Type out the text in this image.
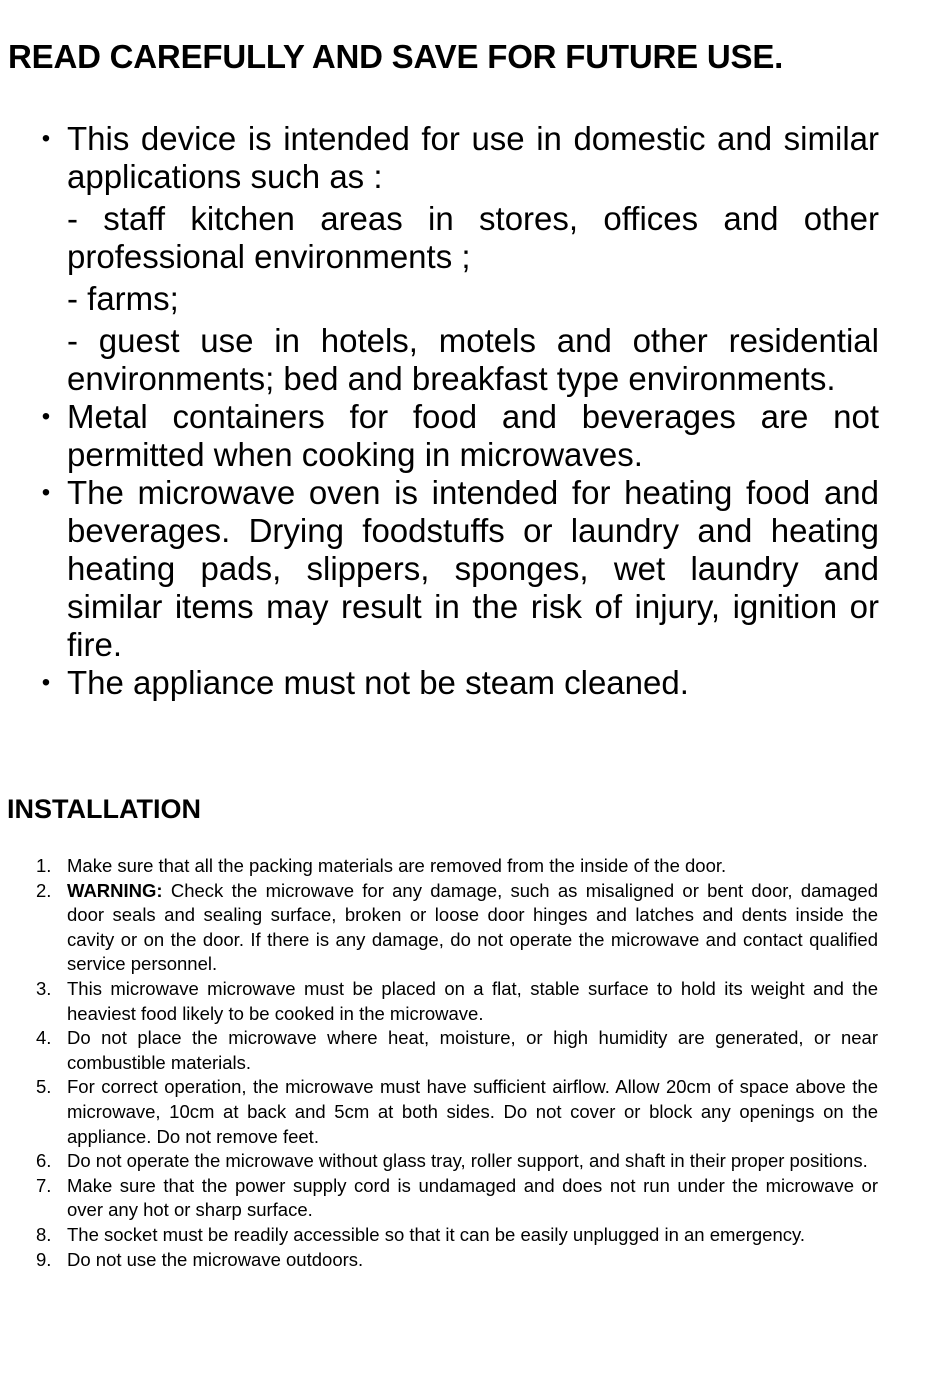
READ CAREFULLY AND SAVE FOR FUTURE USE.
• This device is intended for use in domestic and similar applications such as :

- staff kitchen areas in stores, offices and other professional environments ;

- farms;

- guest use in hotels, motels and other residential environments; bed and breakfast type environments.

• Metal containers for food and beverages are not permitted when cooking in microwaves.

• The microwave oven is intended for heating food and beverages. Drying foodstuffs or laundry and heating heating pads, slippers, sponges, wet laundry and similar items may result in the risk of injury, ignition or fire.

• The appliance must not be steam cleaned.

INSTALLATION
1. Make sure that all the packing materials are removed from the inside of the door.
2. WARNING: Check the microwave for any damage, such as misaligned or bent door, damaged door seals and sealing surface, broken or loose door hinges and latches and dents inside the cavity or on the door. If there is any damage, do not operate the microwave and contact qualified service personnel.
3. This microwave microwave must be placed on a flat, stable surface to hold its weight and the heaviest food likely to be cooked in the microwave.
4. Do not place the microwave where heat, moisture, or high humidity are generated, or near combustible materials.
5. For correct operation, the microwave must have sufficient airflow. Allow 20cm of space above the microwave, 10cm at back and 5cm at both sides. Do not cover or block any openings on the appliance. Do not remove feet.
6. Do not operate the microwave without glass tray, roller support, and shaft in their proper positions.
7. Make sure that the power supply cord is undamaged and does not run under the microwave or over any hot or sharp surface.
8. The socket must be readily accessible so that it can be easily unplugged in an emergency.
9. Do not use the microwave outdoors.
